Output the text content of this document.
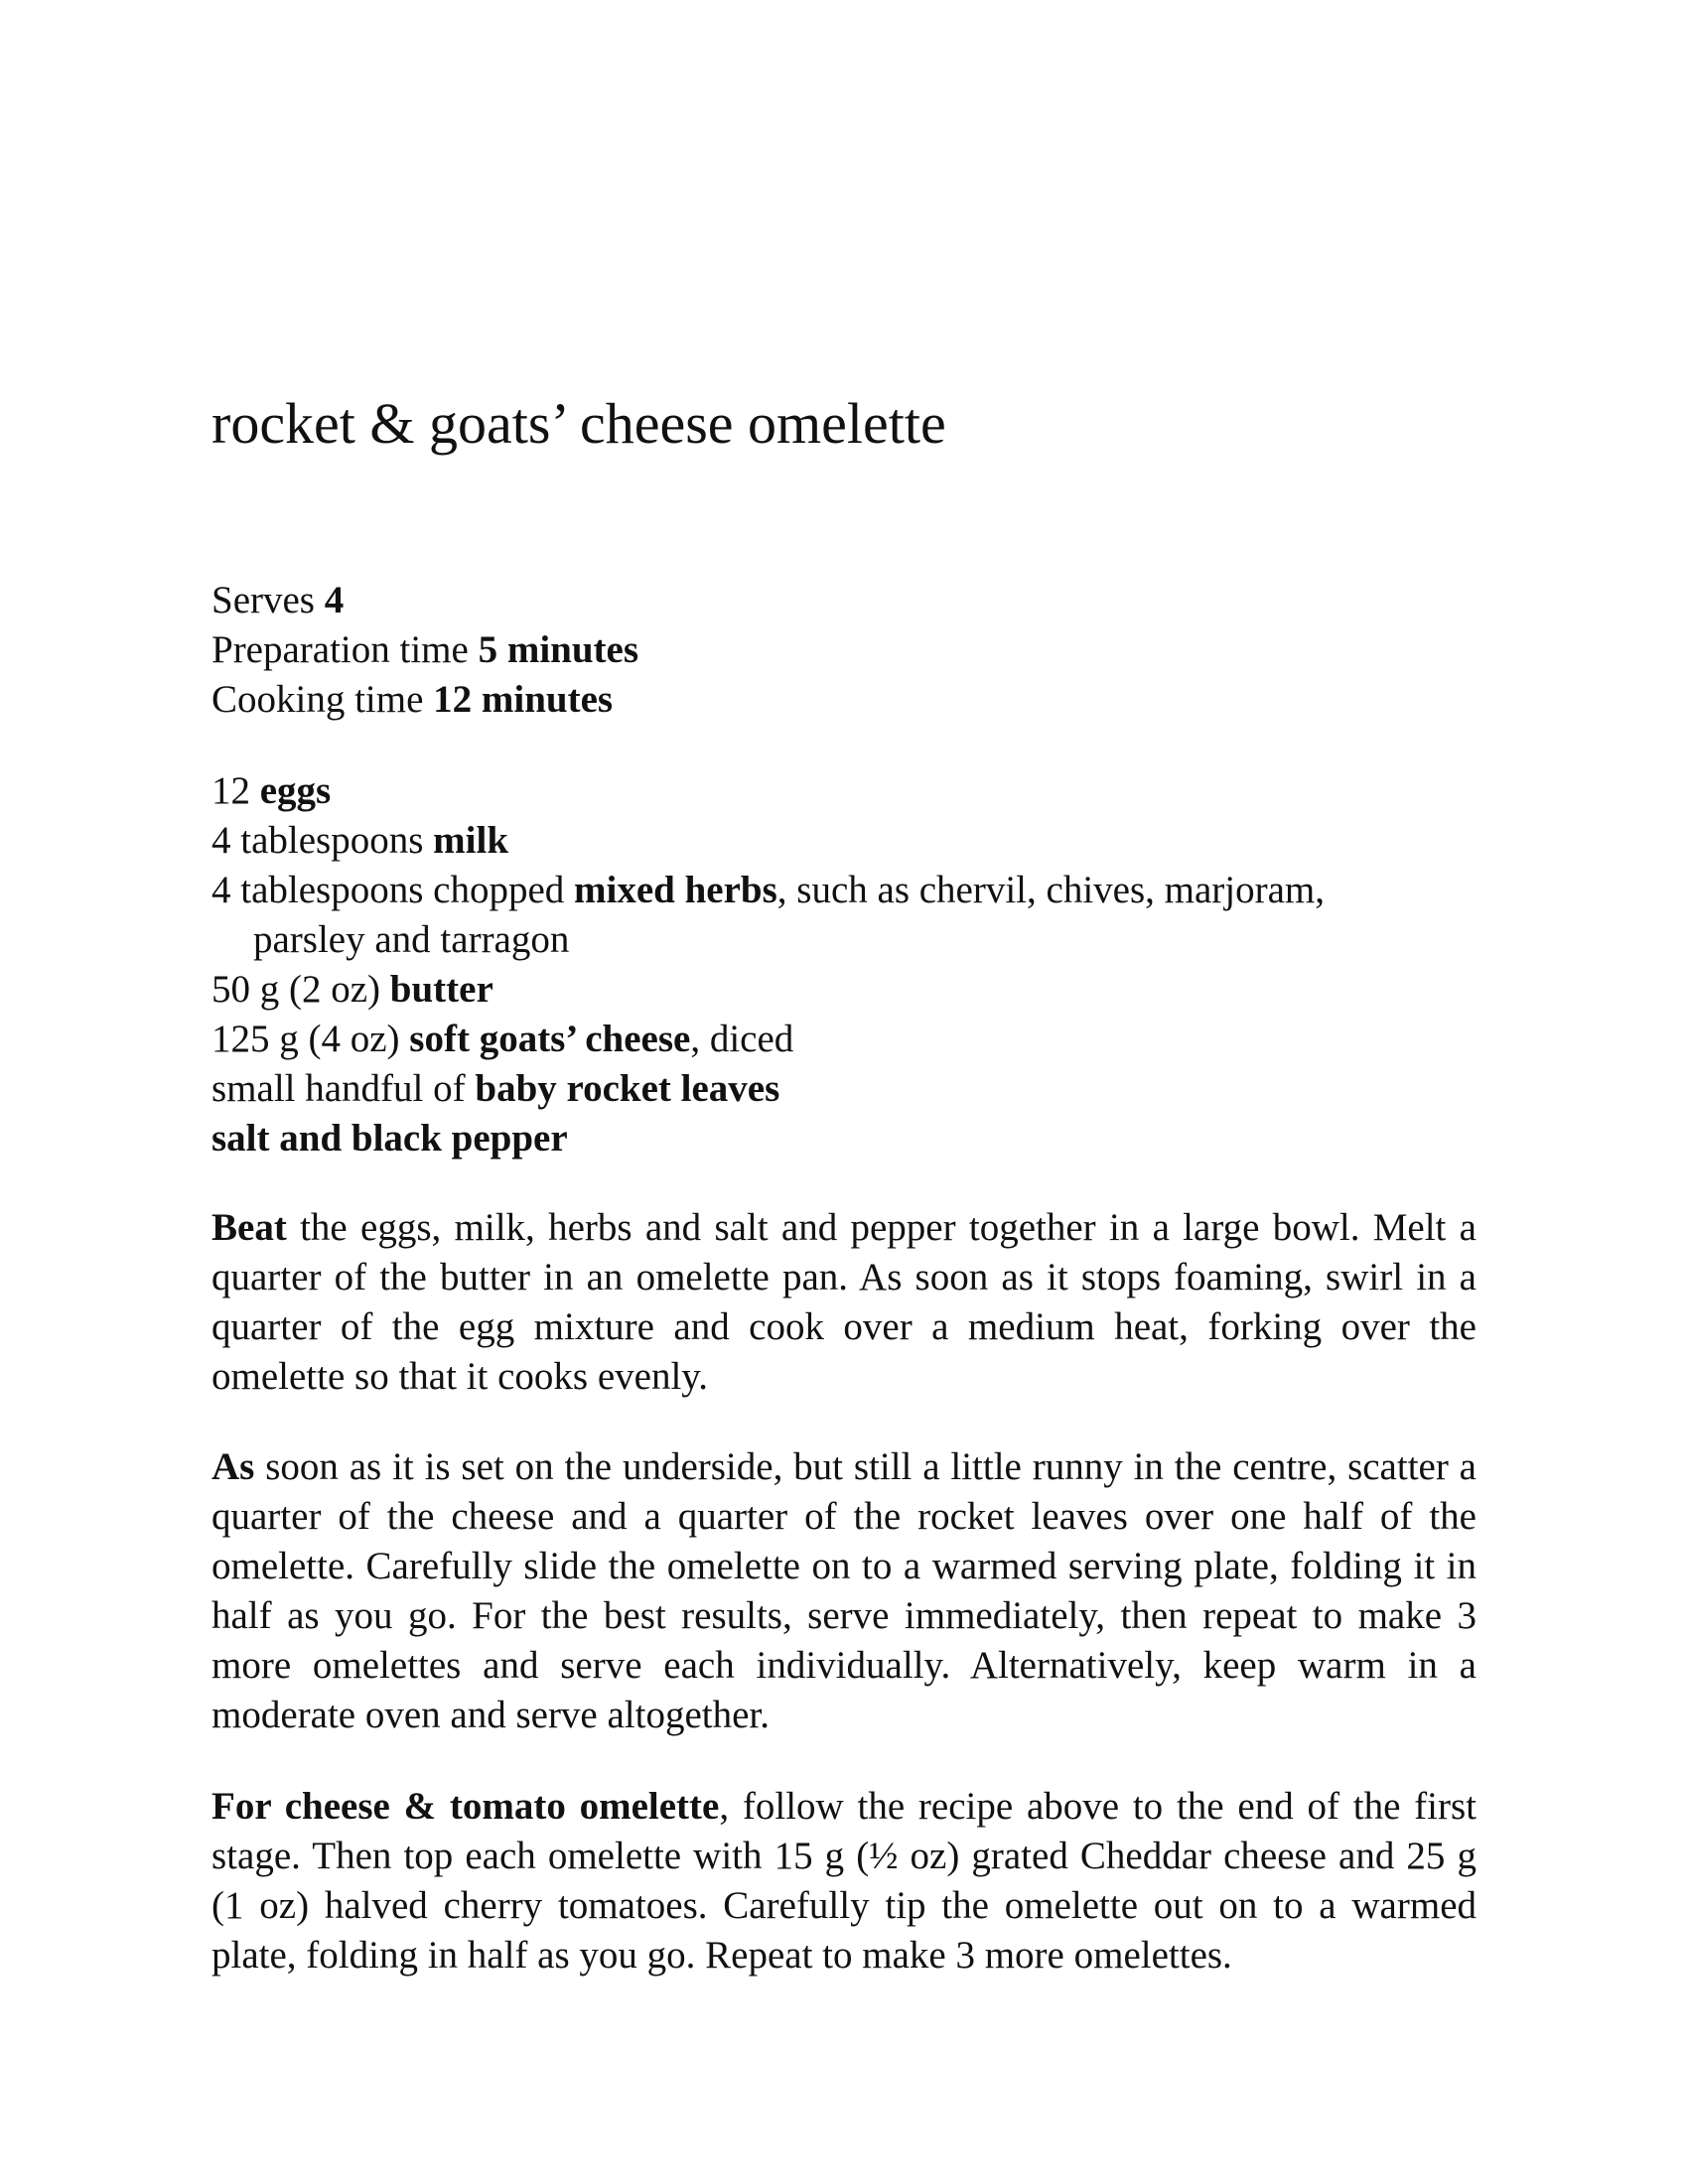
rocket & goats’ cheese omelette
Serves 4
Preparation time 5 minutes
Cooking time 12 minutes
12 eggs
4 tablespoons milk
4 tablespoons chopped mixed herbs, such as chervil, chives, marjoram,
parsley and tarragon
50 g (2 oz) butter
125 g (4 oz) soft goats’ cheese, diced
small handful of baby rocket leaves
salt and black pepper

Beat the eggs, milk, herbs and salt and pepper together in a large bowl. Melt a quarter of the butter in an omelette pan. As soon as it stops foaming, swirl in a quarter of the egg mixture and cook over a medium heat, forking over the omelette so that it cooks evenly.

As soon as it is set on the underside, but still a little runny in the centre, scatter a quarter of the cheese and a quarter of the rocket leaves over one half of the omelette. Carefully slide the omelette on to a warmed serving plate, folding it in half as you go. For the best results, serve immediately, then repeat to make 3 more omelettes and serve each individually. Alternatively, keep warm in a moderate oven and serve altogether.

For cheese & tomato omelette, follow the recipe above to the end of the first stage. Then top each omelette with 15 g (½ oz) grated Cheddar cheese and 25 g (1 oz) halved cherry tomatoes. Carefully tip the omelette out on to a warmed plate, folding in half as you go. Repeat to make 3 more omelettes.
